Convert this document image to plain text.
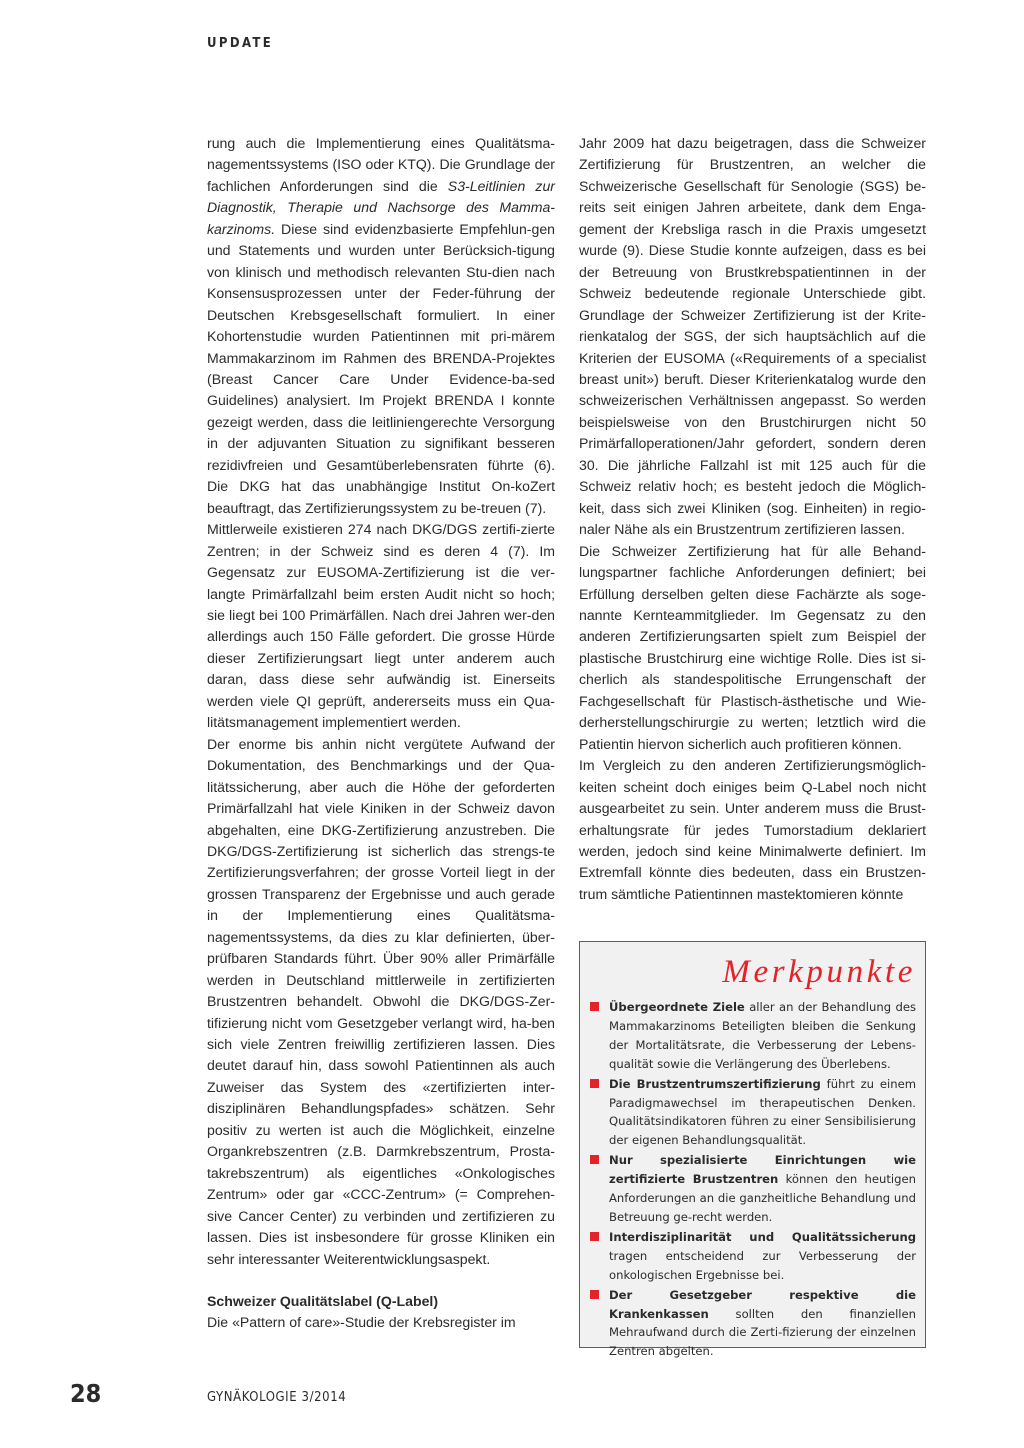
UPDATE

rung auch die Implementierung eines Qualitätsma-nagementssystems (ISO oder KTQ). Die Grundlage der fachlichen Anforderungen sind die S3-Leitlinien zur Diagnostik, Therapie und Nachsorge des Mamma-karzinoms. Diese sind evidenzbasierte Empfehlun-gen und Statements und wurden unter Berücksich-tigung von klinisch und methodisch relevanten Stu-dien nach Konsensusprozessen unter der Feder-führung der Deutschen Krebsgesellschaft formuliert. In einer Kohortenstudie wurden Patientinnen mit pri-märem Mammakarzinom im Rahmen des BRENDA-Projektes (Breast Cancer Care Under Evidence-ba-sed Guidelines) analysiert. Im Projekt BRENDA I konnte gezeigt werden, dass die leitliniengerechte Versorgung in der adjuvanten Situation zu signifikant besseren rezidivfreien und Gesamtüberlebensraten führte (6). Die DKG hat das unabhängige Institut On-koZert beauftragt, das Zertifizierungssystem zu be-treuen (7).

Mittlerweile existieren 274 nach DKG/DGS zertifi-zierte Zentren; in der Schweiz sind es deren 4 (7). Im Gegensatz zur EUSOMA-Zertifizierung ist die ver-langte Primärfallzahl beim ersten Audit nicht so hoch; sie liegt bei 100 Primärfällen. Nach drei Jahren wer-den allerdings auch 150 Fälle gefordert. Die grosse Hürde dieser Zertifizierungsart liegt unter anderem auch daran, dass diese sehr aufwändig ist. Einerseits werden viele QI geprüft, andererseits muss ein Qua-litätsmanagement implementiert werden.

Der enorme bis anhin nicht vergütete Aufwand der Dokumentation, des Benchmarkings und der Qua-litätssicherung, aber auch die Höhe der geforderten Primärfallzahl hat viele Kiniken in der Schweiz davon abgehalten, eine DKG-Zertifizierung anzustreben. Die DKG/DGS-Zertifizierung ist sicherlich das strengs-te Zertifizierungsverfahren; der grosse Vorteil liegt in der grossen Transparenz der Ergebnisse und auch gerade in der Implementierung eines Qualitätsma-nagementssystems, da dies zu klar definierten, über-prüfbaren Standards führt. Über 90% aller Primärfälle werden in Deutschland mittlerweile in zertifizierten Brustzentren behandelt. Obwohl die DKG/DGS-Zer-tifizierung nicht vom Gesetzgeber verlangt wird, ha-ben sich viele Zentren freiwillig zertifizieren lassen. Dies deutet darauf hin, dass sowohl Patientinnen als auch Zuweiser das System des «zertifizierten inter-disziplinären Behandlungspfades» schätzen. Sehr positiv zu werten ist auch die Möglichkeit, einzelne Organkrebszentren (z.B. Darmkrebszentrum, Prosta-takrebszentrum) als eigentliches «Onkologisches Zentrum» oder gar «CCC-Zentrum» (= Comprehen-sive Cancer Center) zu verbinden und zertifizieren zu lassen. Dies ist insbesondere für grosse Kliniken ein sehr interessanter Weiterentwicklungsaspekt.

Schweizer Qualitätslabel (Q-Label)

Die «Pattern of care»-Studie der Krebsregister im

Jahr 2009 hat dazu beigetragen, dass die Schweizer Zertifizierung für Brustzentren, an welcher die Schweizerische Gesellschaft für Senologie (SGS) be-reits seit einigen Jahren arbeitete, dank dem Enga-gement der Krebsliga rasch in die Praxis umgesetzt wurde (9). Diese Studie konnte aufzeigen, dass es bei der Betreuung von Brustkrebspatientinnen in der Schweiz bedeutende regionale Unterschiede gibt. Grundlage der Schweizer Zertifizierung ist der Krite-rienkatalog der SGS, der sich hauptsächlich auf die Kriterien der EUSOMA («Requirements of a specialist breast unit») beruft. Dieser Kriterienkatalog wurde den schweizerischen Verhältnissen angepasst. So werden beispielsweise von den Brustchirurgen nicht 50 Primärfalloperationen/Jahr gefordert, sondern deren 30. Die jährliche Fallzahl ist mit 125 auch für die Schweiz relativ hoch; es besteht jedoch die Möglich-keit, dass sich zwei Kliniken (sog. Einheiten) in regio-naler Nähe als ein Brustzentrum zertifizieren lassen.

Die Schweizer Zertifizierung hat für alle Behand-lungspartner fachliche Anforderungen definiert; bei Erfüllung derselben gelten diese Fachärzte als soge-nannte Kernteammitglieder. Im Gegensatz zu den anderen Zertifizierungsarten spielt zum Beispiel der plastische Brustchirurg eine wichtige Rolle. Dies ist si-cherlich als standespolitische Errungenschaft der Fachgesellschaft für Plastisch-ästhetische und Wie-derherstellungschirurgie zu werten; letztlich wird die Patientin hiervon sicherlich auch profitieren können.

Im Vergleich zu den anderen Zertifizierungsmöglich-keiten scheint doch einiges beim Q-Label noch nicht ausgearbeitet zu sein. Unter anderem muss die Brust-erhaltungsrate für jedes Tumorstadium deklariert werden, jedoch sind keine Minimalwerte definiert. Im Extremfall könnte dies bedeuten, dass ein Brustzen-trum sämtliche Patientinnen mastektomieren könnte

Merkpunkte
Übergeordnete Ziele aller an der Behandlung des Mammakarzinoms Beteiligten bleiben die Senkung der Mortalitätsrate, die Verbesserung der Lebens-qualität sowie die Verlängerung des Überlebens.
Die Brustzentrumszertifizierung führt zu einem Paradigmawechsel im therapeutischen Denken. Qualitätsindikatoren führen zu einer Sensibilisierung der eigenen Behandlungsqualität.
Nur spezialisierte Einrichtungen wie zertifizierte Brustzentren können den heutigen Anforderungen an die ganzheitliche Behandlung und Betreuung ge-recht werden.
Interdisziplinarität und Qualitätssicherung tragen entscheidend zur Verbesserung der onkologischen Ergebnisse bei.
Der Gesetzgeber respektive die Krankenkassen sollten den finanziellen Mehraufwand durch die Zerti-fizierung der einzelnen Zentren abgelten.
28	GYNÄKOLOGIE 3/2014
